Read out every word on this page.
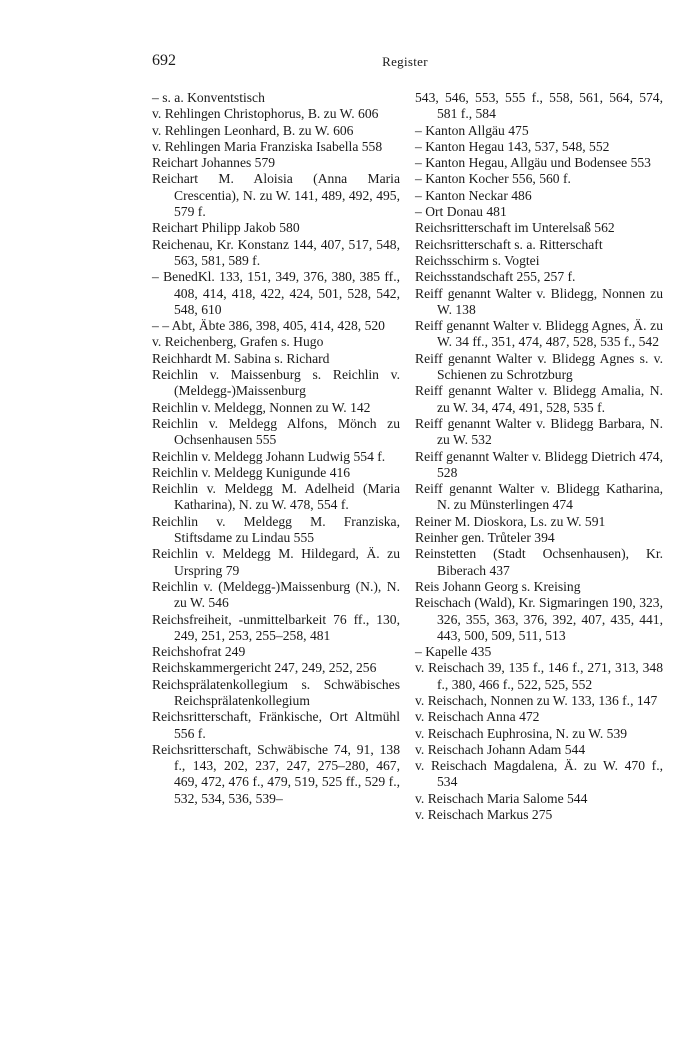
692	Register

– s. a. Konventstisch

v. Rehlingen Christophorus, B. zu W. 606

v. Rehlingen Leonhard, B. zu W. 606

v. Rehlingen Maria Franziska Isabella 558

Reichart Johannes 579

Reichart M. Aloisia (Anna Maria Crescentia), N. zu W. 141, 489, 492, 495, 579 f.

Reichart Philipp Jakob 580

Reichenau, Kr. Konstanz 144, 407, 517, 548, 563, 581, 589 f.

– BenedKl. 133, 151, 349, 376, 380, 385 ff., 408, 414, 418, 422, 424, 501, 528, 542, 548, 610

– – Abt, Äbte 386, 398, 405, 414, 428, 520

v. Reichenberg, Grafen s. Hugo

Reichhardt M. Sabina s. Richard

Reichlin v. Maissenburg s. Reichlin v. (Meldegg-)Maissenburg

Reichlin v. Meldegg, Nonnen zu W. 142

Reichlin v. Meldegg Alfons, Mönch zu Ochsenhausen 555

Reichlin v. Meldegg Johann Ludwig 554 f.

Reichlin v. Meldegg Kunigunde 416

Reichlin v. Meldegg M. Adelheid (Maria Katharina), N. zu W. 478, 554 f.

Reichlin v. Meldegg M. Franziska, Stiftsdame zu Lindau 555

Reichlin v. Meldegg M. Hildegard, Ä. zu Urspring 79

Reichlin v. (Meldegg-)Maissenburg (N.), N. zu W. 546

Reichsfreiheit, -unmittelbarkeit 76 ff., 130, 249, 251, 253, 255–258, 481

Reichshofrat 249

Reichskammergericht 247, 249, 252, 256

Reichsprälatenkollegium s. Schwäbisches Reichsprälatenkollegium

Reichsritterschaft, Fränkische, Ort Altmühl 556 f.

Reichsritterschaft, Schwäbische 74, 91, 138 f., 143, 202, 237, 247, 275–280, 467, 469, 472, 476 f., 479, 519, 525 ff., 529 f., 532, 534, 536, 539–

543, 546, 553, 555 f., 558, 561, 564, 574, 581 f., 584

– Kanton Allgäu 475

– Kanton Hegau 143, 537, 548, 552

– Kanton Hegau, Allgäu und Bodensee 553

– Kanton Kocher 556, 560 f.

– Kanton Neckar 486

– Ort Donau 481

Reichsritterschaft im Unterelsaß 562

Reichsritterschaft s. a. Ritterschaft

Reichsschirm s. Vogtei

Reichsstandschaft 255, 257 f.

Reiff genannt Walter v. Blidegg, Nonnen zu W. 138

Reiff genannt Walter v. Blidegg Agnes, Ä. zu W. 34 ff., 351, 474, 487, 528, 535 f., 542

Reiff genannt Walter v. Blidegg Agnes s. v. Schienen zu Schrotzburg

Reiff genannt Walter v. Blidegg Amalia, N. zu W. 34, 474, 491, 528, 535 f.

Reiff genannt Walter v. Blidegg Barbara, N. zu W. 532

Reiff genannt Walter v. Blidegg Dietrich 474, 528

Reiff genannt Walter v. Blidegg Katharina, N. zu Münsterlingen 474

Reiner M. Dioskora, Ls. zu W. 591

Reinher gen. Trůteler 394

Reinstetten (Stadt Ochsenhausen), Kr. Biberach 437

Reis Johann Georg s. Kreising

Reischach (Wald), Kr. Sigmaringen 190, 323, 326, 355, 363, 376, 392, 407, 435, 441, 443, 500, 509, 511, 513

– Kapelle 435

v. Reischach 39, 135 f., 146 f., 271, 313, 348 f., 380, 466 f., 522, 525, 552

v. Reischach, Nonnen zu W. 133, 136 f., 147

v. Reischach Anna 472

v. Reischach Euphrosina, N. zu W. 539

v. Reischach Johann Adam 544

v. Reischach Magdalena, Ä. zu W. 470 f., 534

v. Reischach Maria Salome 544

v. Reischach Markus 275
